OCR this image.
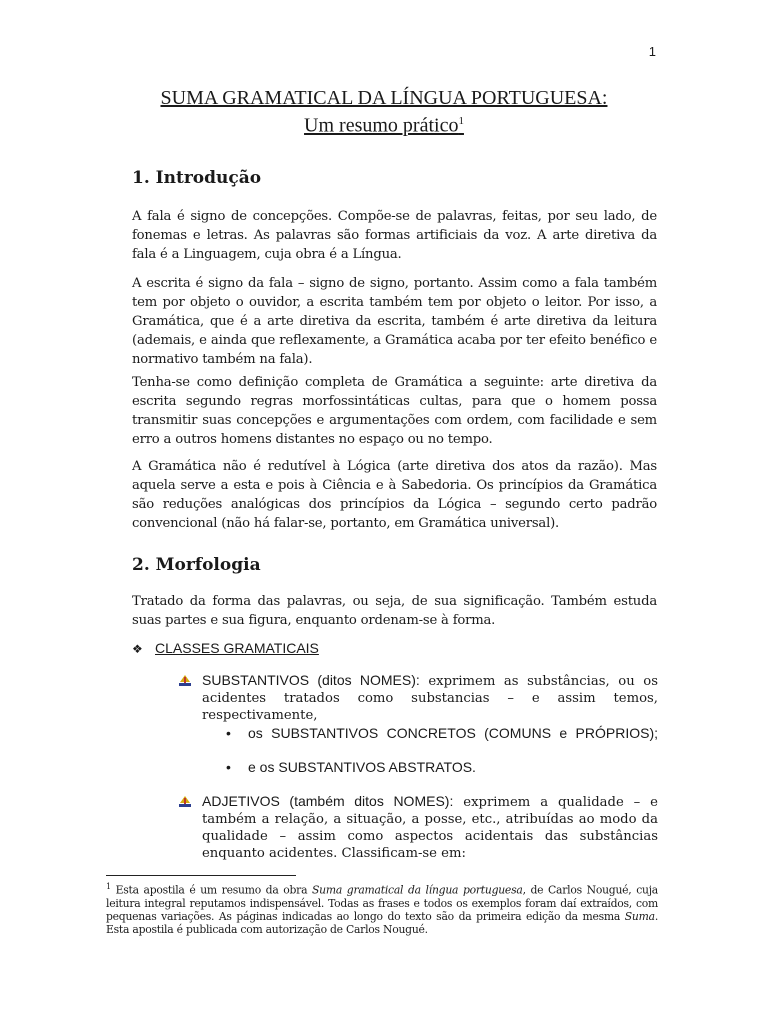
1
SUMA GRAMATICAL DA LÍNGUA PORTUGUESA:
Um resumo prático$^1$
1. Introdução

A fala é signo de concepções. Compõe-se de palavras, feitas, por seu lado, de fonemas e letras. As palavras são formas artificiais da voz. A arte diretiva da fala é a Linguagem, cuja obra é a Língua.

A escrita é signo da fala – signo de signo, portanto. Assim como a fala também tem por objeto o ouvidor, a escrita também tem por objeto o leitor. Por isso, a Gramática, que é a arte diretiva da escrita, também é arte diretiva da leitura (ademais, e ainda que reflexamente, a Gramática acaba por ter efeito benéfico e normativo também na fala).

Tenha-se como definição completa de Gramática a seguinte: arte diretiva da escrita segundo regras morfossintáticas cultas, para que o homem possa transmitir suas concepções e argumentações com ordem, com facilidade e sem erro a outros homens distantes no espaço ou no tempo.

A Gramática não é redutível à Lógica (arte diretiva dos atos da razão). Mas aquela serve a esta e pois à Ciência e à Sabedoria. Os princípios da Gramática são reduções analógicas dos princípios da Lógica – segundo certo padrão convencional (não há falar-se, portanto, em Gramática universal).

2. Morfologia

Tratado da forma das palavras, ou seja, de sua significação. Também estuda suas partes e sua figura, enquanto ordenam-se à forma.

❖ CLASSES GRAMATICAIS
SUBSTANTIVOS (ditos NOMES): exprimem as substâncias, ou os acidentes tratados como substancias – e assim temos, respectivamente,
• os SUBSTANTIVOS CONCRETOS (COMUNS e PRÓPRIOS);
• e os SUBSTANTIVOS ABSTRATOS.
ADJETIVOS (também ditos NOMES): exprimem a qualidade – e também a relação, a situação, a posse, etc., atribuídas ao modo da qualidade – assim como aspectos acidentais das substâncias enquanto acidentes. Classificam-se em:
$^1$ Esta apostila é um resumo da obra Suma gramatical da língua portuguesa, de Carlos Nougué, cuja leitura integral reputamos indispensável. Todas as frases e todos os exemplos foram daí extraídos, com pequenas variações. As páginas indicadas ao longo do texto são da primeira edição da mesma Suma. Esta apostila é publicada com autorização de Carlos Nougué.
